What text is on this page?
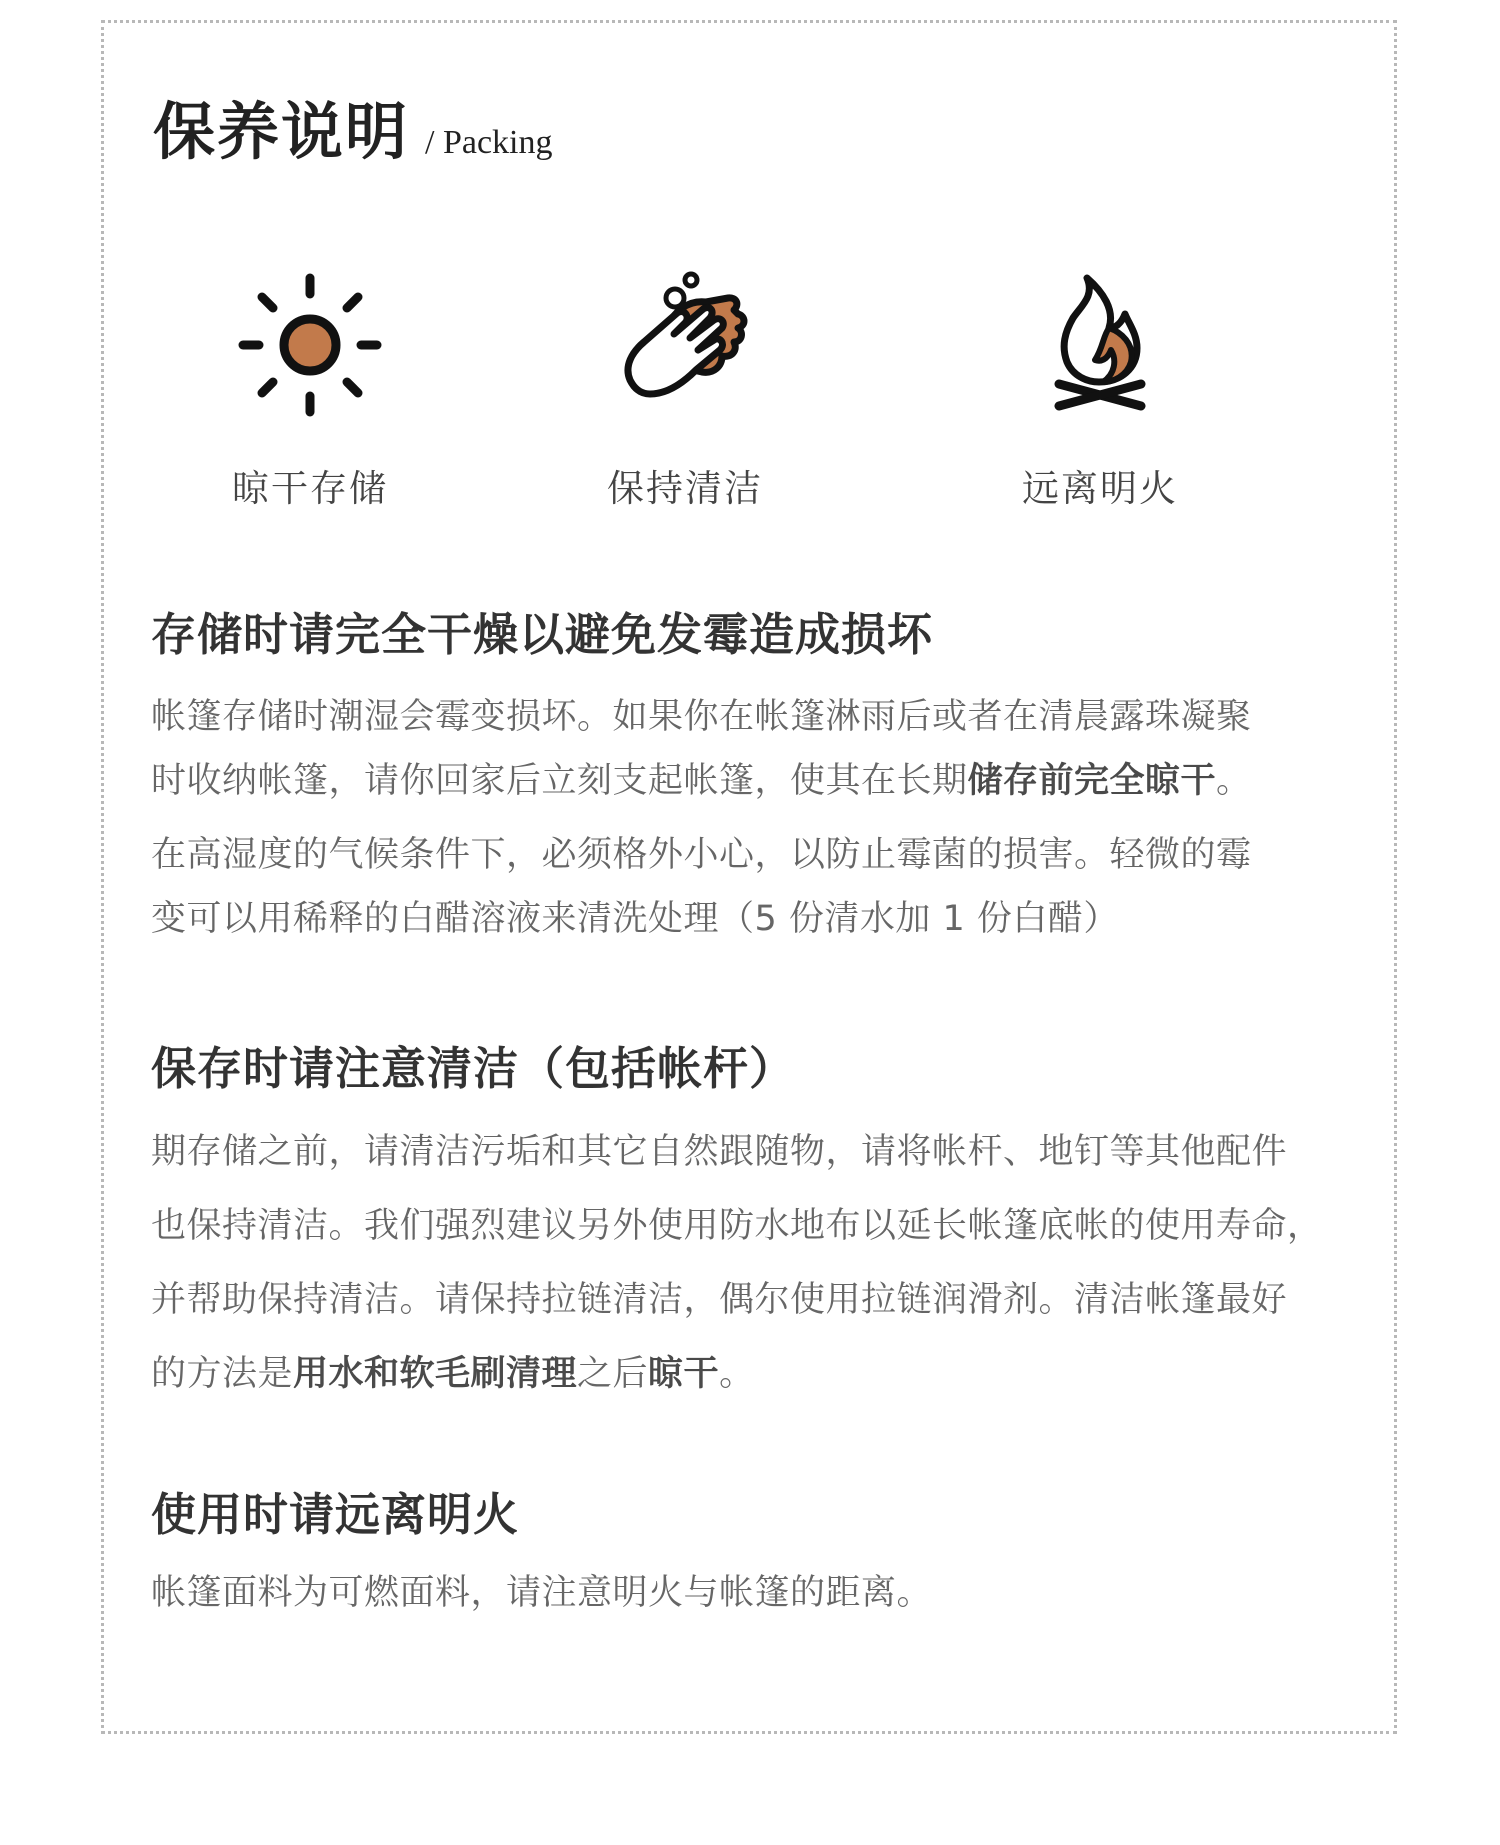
保养说明 / Packing
晾干存储	保持清洁	远离明火
存储时请完全干燥以避免发霉造成损坏

帐篷存储时潮湿会霉变损坏。如果你在帐篷淋雨后或者在清晨露珠凝聚
时收纳帐篷，请你回家后立刻支起帐篷，使其在长期储存前完全晾干。

在高湿度的气候条件下，必须格外小心，以防止霉菌的损害。轻微的霉
变可以用稀释的白醋溶液来清洗处理（5 份清水加 1 份白醋）

保存时请注意清洁（包括帐杆）

期存储之前，请清洁污垢和其它自然跟随物，请将帐杆、地钉等其他配件
也保持清洁。我们强烈建议另外使用防水地布以延长帐篷底帐的使用寿命，
并帮助保持清洁。请保持拉链清洁，偶尔使用拉链润滑剂。清洁帐篷最好
的方法是用水和软毛刷清理之后晾干。

使用时请远离明火

帐篷面料为可燃面料，请注意明火与帐篷的距离。
